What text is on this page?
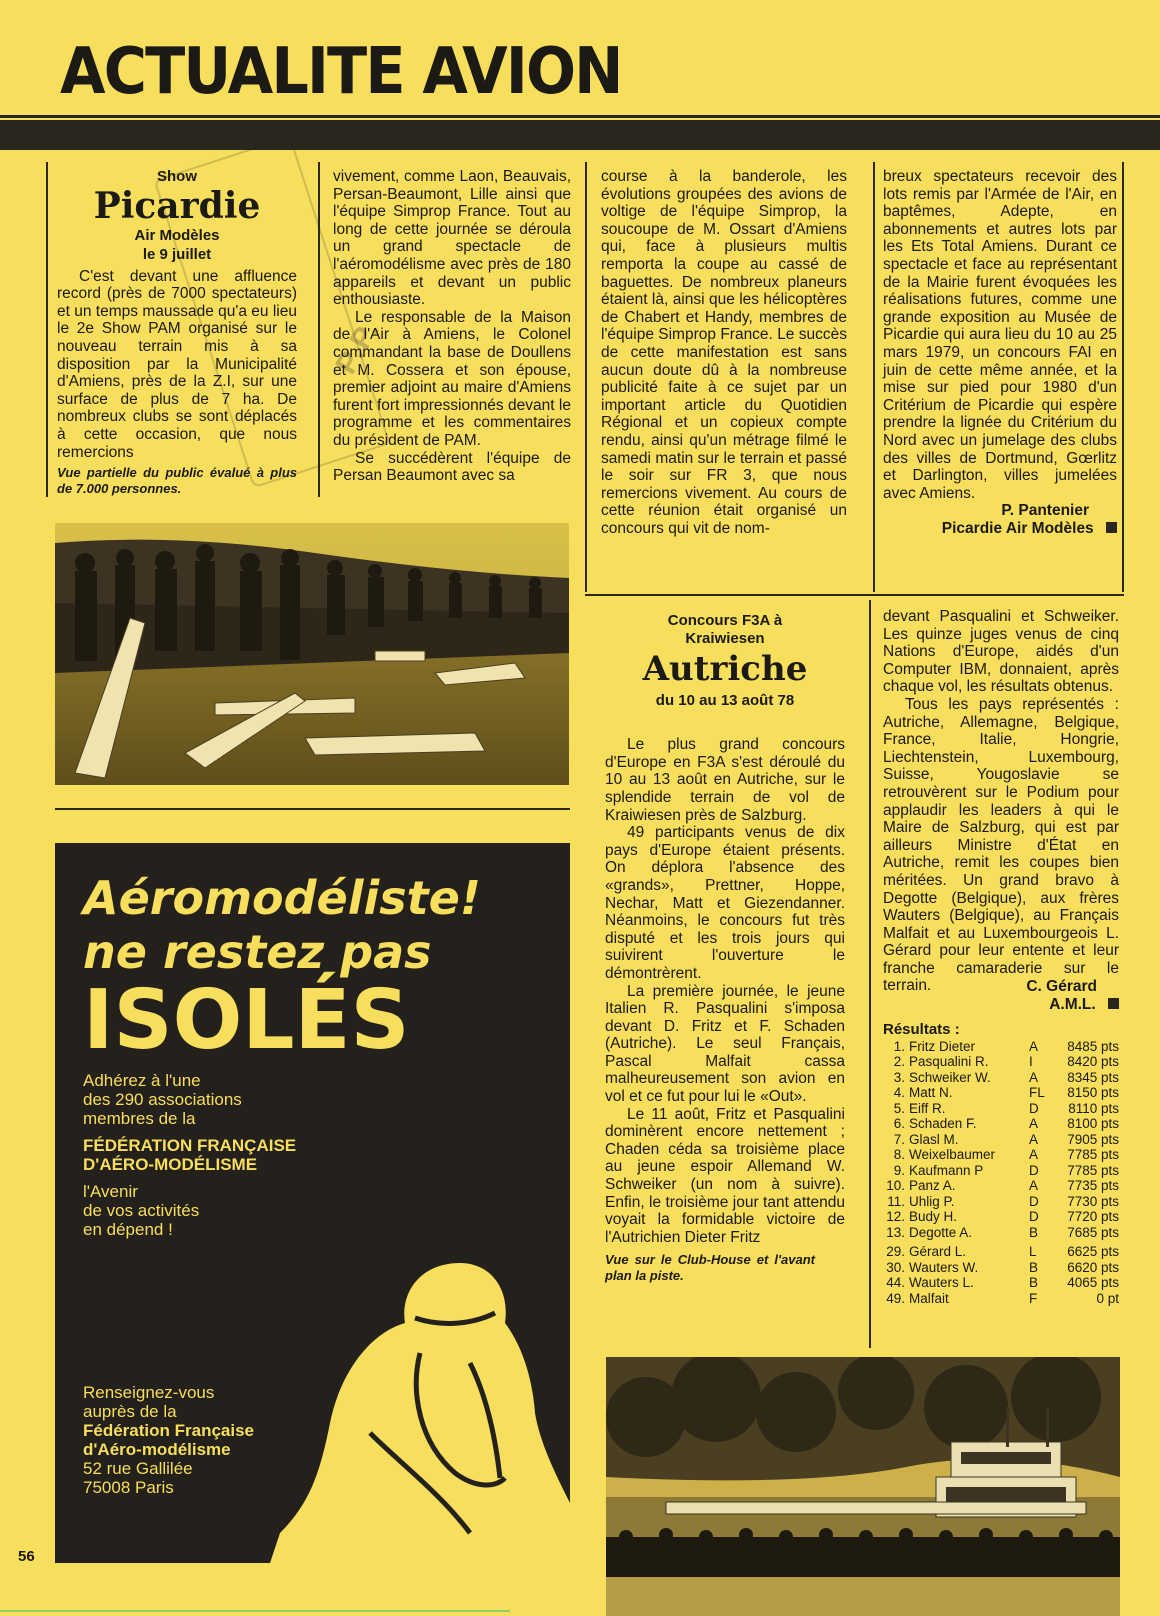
ACTUALITE AVION
P.P.
Show
Picardie
Air Modèles
le 9 juillet

C'est devant une affluence record (près de 7000 spectateurs) et un temps maussade qu'a eu lieu le 2e Show PAM organisé sur le nouveau terrain mis à sa disposition par la Municipalité d'Amiens, près de la Z.I, sur une surface de plus de 7 ha. De nombreux clubs se sont déplacés à cette occasion, que nous remercions

Vue partielle du public évalué à plus de 7.000 personnes.

vivement, comme Laon, Beauvais, Persan-Beaumont, Lille ainsi que l'équipe Simprop France. Tout au long de cette journée se déroula un grand spectacle de l'aéromodélisme avec près de 180 appareils et devant un public enthousiaste.

Le responsable de la Maison de l'Air à Amiens, le Colonel commandant la base de Doullens et M. Cossera et son épouse, premier adjoint au maire d'Amiens furent fort impressionnés devant le programme et les commentaires du président de PAM.

Se succédèrent l'équipe de Persan Beaumont avec sa

course à la banderole, les évolutions groupées des avions de voltige de l'équipe Simprop, la soucoupe de M. Ossart d'Amiens qui, face à plusieurs multis remporta la coupe au cassé de baguettes. De nombreux planeurs étaient là, ainsi que les hélicoptères de Chabert et Handy, membres de l'équipe Simprop France. Le succès de cette manifestation est sans aucun doute dû à la nombreuse publicité faite à ce sujet par un important article du Quotidien Régional et un copieux compte rendu, ainsi qu'un métrage filmé le samedi matin sur le terrain et passé le soir sur FR 3, que nous remercions vivement. Au cours de cette réunion était organisé un concours qui vit de nom-

breux spectateurs recevoir des lots remis par l'Armée de l'Air, en baptêmes, Adepte, en abonnements et autres lots par les Ets Total Amiens. Durant ce spectacle et face au représentant de la Mairie furent évoquées les réalisations futures, comme une grande exposition au Musée de Picardie qui aura lieu du 10 au 25 mars 1979, un concours FAI en juin de cette même année, et la mise sur pied pour 1980 d'un Critérium de Picardie qui espère prendre la lignée du Critérium du Nord avec un jumelage des clubs des villes de Dortmund, Gœrlitz et Darlington, villes jumelées avec Amiens.

P. Pantenier
Picardie Air Modèles
Aéromodéliste!
ne restez pas
ISOLÉS
Adhérez à l'une
des 290 associations
membres de la
FÉDÉRATION FRANÇAISE
D'AÉRO-MODÉLISME
l'Avenir
de vos activités
en dépend !
Renseignez-vous
auprès de la
Fédération Française
d'Aéro-modélisme
52 rue Gallilée
75008 Paris
Concours F3A à
Kraiwiesen
Autriche
du 10 au 13 août 78

Le plus grand concours d'Europe en F3A s'est déroulé du 10 au 13 août en Autriche, sur le splendide terrain de vol de Kraiwiesen près de Salzburg.

49 participants venus de dix pays d'Europe étaient présents. On déplora l'absence des «grands», Prettner, Hoppe, Nechar, Matt et Giezendanner. Néanmoins, le concours fut très disputé et les trois jours qui suivirent l'ouverture le démontrèrent.

La première journée, le jeune Italien R. Pasqualini s'imposa devant D. Fritz et F. Schaden (Autriche). Le seul Français, Pascal Malfait cassa malheureusement son avion en vol et ce fut pour lui le «Out».

Le 11 août, Fritz et Pasqualini dominèrent encore nettement ; Chaden céda sa troisième place au jeune espoir Allemand W. Schweiker (un nom à suivre). Enfin, le troisième jour tant attendu voyait la formidable victoire de l'Autrichien Dieter Fritz

Vue sur le Club-House et l'avant plan la piste.

devant Pasqualini et Schweiker. Les quinze juges venus de cinq Nations d'Europe, aidés d'un Computer IBM, donnaient, après chaque vol, les résultats obtenus.

Tous les pays représentés : Autriche, Allemagne, Belgique, France, Italie, Hongrie, Liechtenstein, Luxembourg, Suisse, Yougoslavie se retrouvèrent sur le Podium pour applaudir les leaders à qui le Maire de Salzburg, qui est par ailleurs Ministre d'État en Autriche, remit les coupes bien méritées. Un grand bravo à Degotte (Belgique), aux frères Wauters (Belgique), au Français Malfait et au Luxembourgeois L. Gérard pour leur entente et leur franche camaraderie sur le terrain.	C. Gérard
A.M.L.
Résultats :
1.	Fritz Dieter	A	8485 pts
2.	Pasqualini R.	I	8420 pts
3.	Schweiker W.	A	8345 pts
4.	Matt N.	FL	8150 pts
5.	Eiff R.	D	8110 pts
6.	Schaden F.	A	8100 pts
7.	Glasl M.	A	7905 pts
8.	Weixelbaumer	A	7785 pts
9.	Kaufmann P	D	7785 pts
10.	Panz A.	A	7735 pts
11.	Uhlig P.	D	7730 pts
12.	Budy H.	D	7720 pts
13.	Degotte A.	B	7685 pts
29.	Gérard L.	L	6625 pts
30.	Wauters W.	B	6620 pts
44.	Wauters L.	B	4065 pts
49.	Malfait	F	0 pt
56
